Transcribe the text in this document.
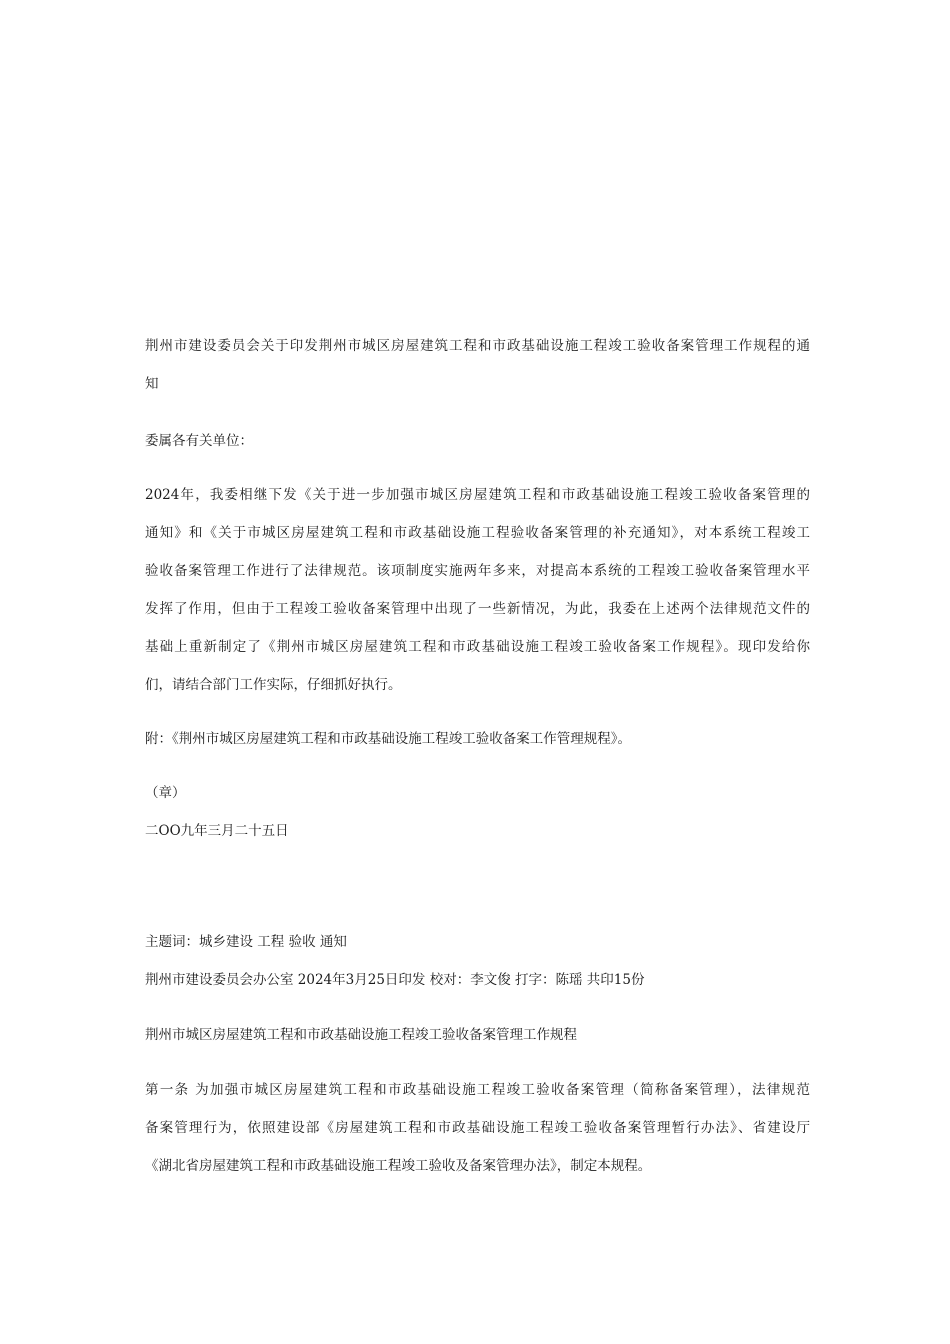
荆州市建设委员会关于印发荆州市城区房屋建筑工程和市政基础设施工程竣工验收备案管理工作规程的通
知
委属各有关单位：
2024年，我委相继下发《关于进一步加强市城区房屋建筑工程和市政基础设施工程竣工验收备案管理的
通知》和《关于市城区房屋建筑工程和市政基础设施工程验收备案管理的补充通知》，对本系统工程竣工
验收备案管理工作进行了法律规范。该项制度实施两年多来，对提高本系统的工程竣工验收备案管理水平
发挥了作用，但由于工程竣工验收备案管理中出现了一些新情况，为此，我委在上述两个法律规范文件的
基础上重新制定了《荆州市城区房屋建筑工程和市政基础设施工程竣工验收备案工作规程》。现印发给你
们，请结合部门工作实际，仔细抓好执行。
附：《荆州市城区房屋建筑工程和市政基础设施工程竣工验收备案工作管理规程》。
（章）
二OO九年三月二十五日
主题词：城乡建设 工程 验收 通知
荆州市建设委员会办公室 2024年3月25日印发 校对：李文俊 打字：陈瑶 共印15份
荆州市城区房屋建筑工程和市政基础设施工程竣工验收备案管理工作规程
第一条 为加强市城区房屋建筑工程和市政基础设施工程竣工验收备案管理（简称备案管理），法律规范
备案管理行为，依照建设部《房屋建筑工程和市政基础设施工程竣工验收备案管理暂行办法》、省建设厅
《湖北省房屋建筑工程和市政基础设施工程竣工验收及备案管理办法》，制定本规程。
